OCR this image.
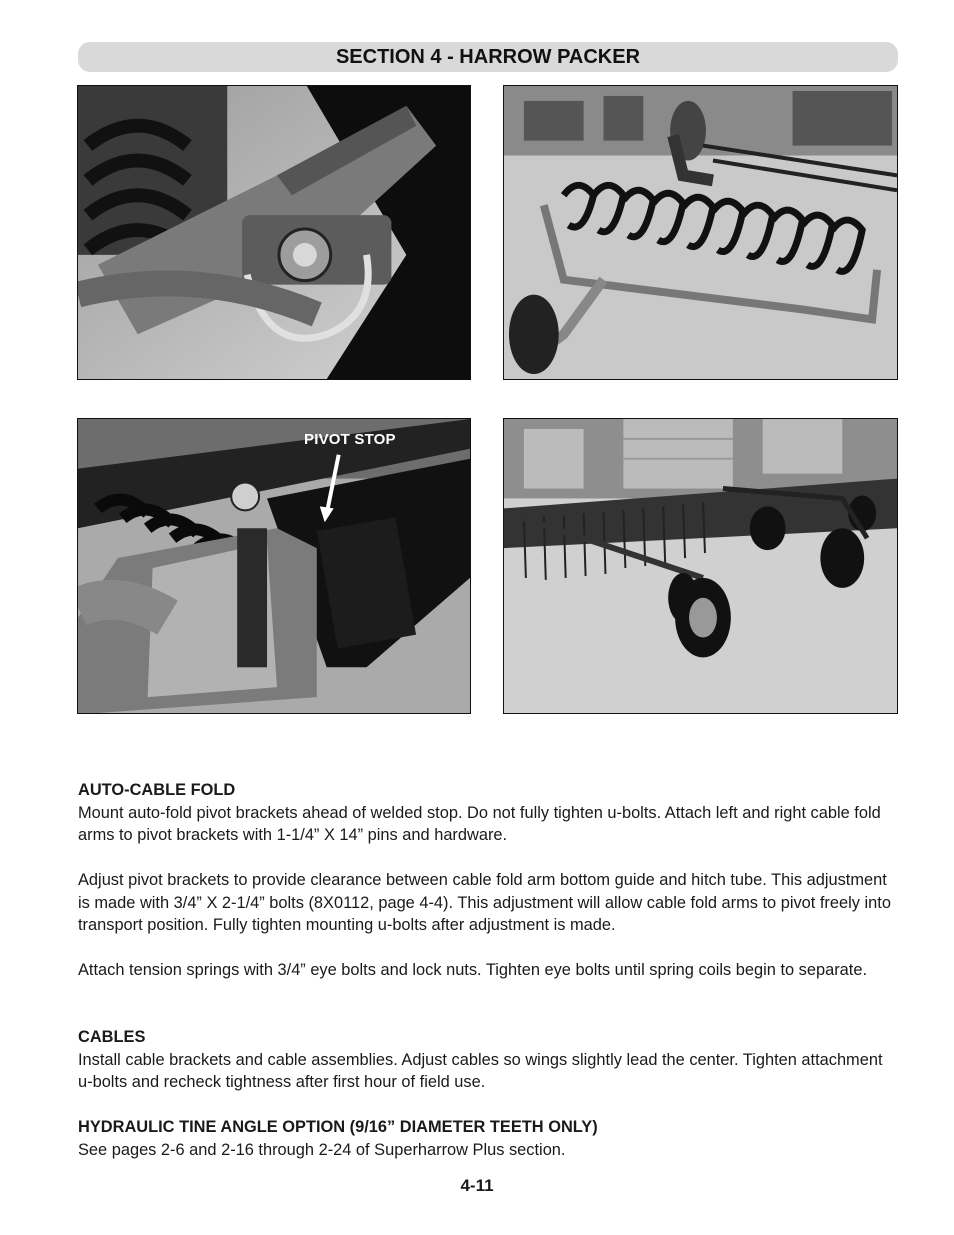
SECTION 4 - HARROW PACKER
PIVOT STOP
AUTO-CABLE FOLD

Mount auto-fold pivot brackets ahead of welded stop. Do not fully tighten u-bolts. Attach left and right cable fold arms to pivot brackets with 1-1/4” X 14” pins and hardware.

Adjust pivot brackets to provide clearance between cable fold arm bottom guide and hitch tube. This adjustment is made with 3/4” X 2-1/4” bolts (8X0112, page 4-4). This adjustment will allow cable fold arms to pivot freely into transport position. Fully tighten mounting u-bolts after adjustment is made.

Attach tension springs with 3/4” eye bolts and lock nuts. Tighten eye bolts until spring coils begin to separate.

CABLES

Install cable brackets and cable assemblies. Adjust cables so wings slightly lead the center. Tighten attachment u-bolts and recheck tightness after first hour of field use.

HYDRAULIC TINE ANGLE OPTION (9/16” DIAMETER TEETH ONLY)

See pages 2-6 and 2-16 through 2-24 of Superharrow Plus section.

4-11
